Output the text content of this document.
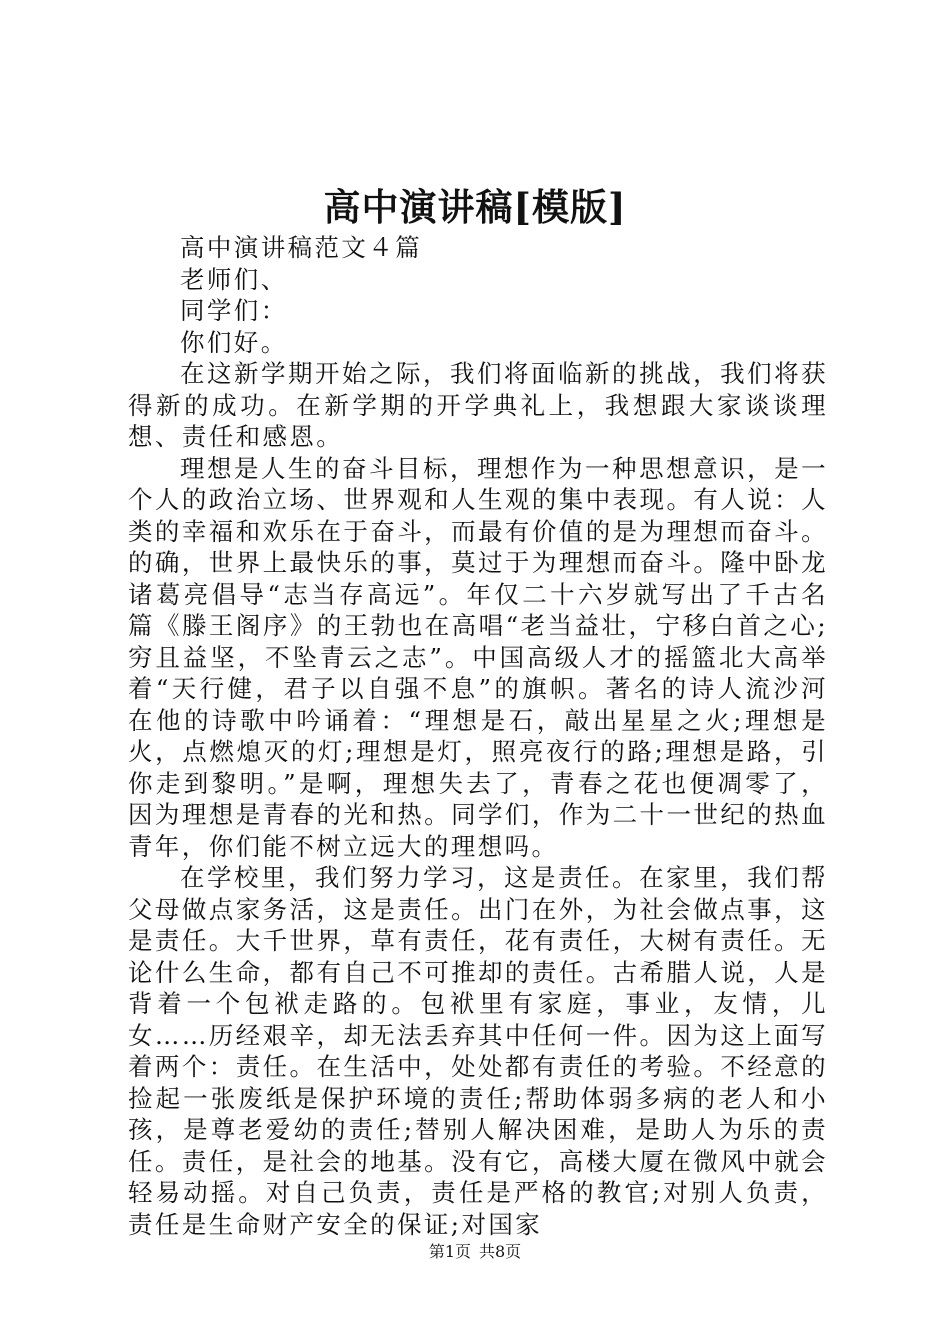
高中演讲稿[模版]

高中演讲稿范文４篇

老师们、

同学们：

你们好。

在这新学期开始之际，我们将面临新的挑战，我们将获得新的成功。在新学期的开学典礼上，我想跟大家谈谈理想、责任和感恩。

理想是人生的奋斗目标，理想作为一种思想意识，是一个人的政治立场、世界观和人生观的集中表现。有人说：人类的幸福和欢乐在于奋斗，而最有价值的是为理想而奋斗。的确，世界上最快乐的事，莫过于为理想而奋斗。隆中卧龙诸葛亮倡导“志当存高远”。年仅二十六岁就写出了千古名篇《滕王阁序》的王勃也在高唱“老当益壮，宁移白首之心;穷且益坚，不坠青云之志”。中国高级人才的摇篮北大高举着“天行健，君子以自强不息”的旗帜。著名的诗人流沙河在他的诗歌中吟诵着：“理想是石，敲出星星之火;理想是火，点燃熄灭的灯;理想是灯，照亮夜行的路;理想是路，引你走到黎明。”是啊，理想失去了，青春之花也便凋零了，因为理想是青春的光和热。同学们，作为二十一世纪的热血青年，你们能不树立远大的理想吗。

在学校里，我们努力学习，这是责任。在家里，我们帮父母做点家务活，这是责任。出门在外，为社会做点事，这是责任。大千世界，草有责任，花有责任，大树有责任。无论什么生命，都有自己不可推却的责任。古希腊人说，人是背着一个包袱走路的。包袱里有家庭，事业，友情，儿女……历经艰辛，却无法丢弃其中任何一件。因为这上面写着两个：责任。在生活中，处处都有责任的考验。不经意的捡起一张废纸是保护环境的责任;帮助体弱多病的老人和小孩，是尊老爱幼的责任;替别人解决困难，是助人为乐的责任。责任，是社会的地基。没有它，高楼大厦在微风中就会轻易动摇。对自己负责，责任是严格的教官;对别人负责，责任是生命财产安全的保证;对国家

第1页 共8页
